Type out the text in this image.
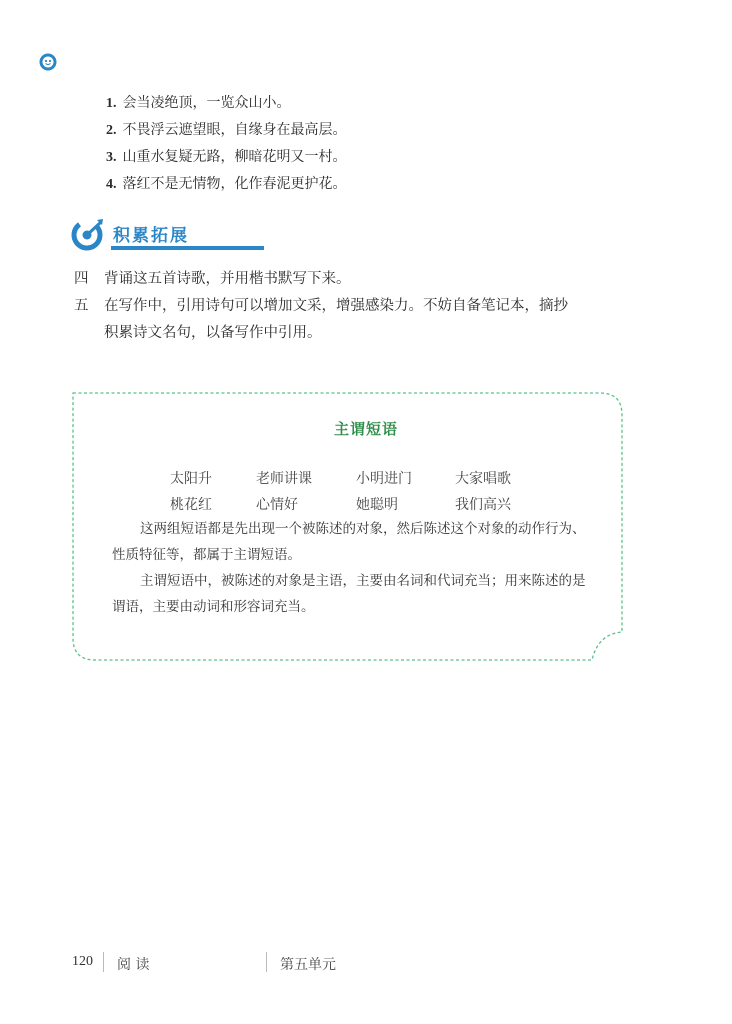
1. 会当凌绝顶，一览众山小。
2. 不畏浮云遮望眼，自缘身在最高层。
3. 山重水复疑无路，柳暗花明又一村。
4. 落红不是无情物，化作春泥更护花。
积累拓展
四 背诵这五首诗歌，并用楷书默写下来。
五 在写作中，引用诗句可以增加文采，增强感染力。不妨自备笔记本，摘抄
积累诗文名句，以备写作中引用。
主谓短语
太阳升	老师讲课	小明进门	大家唱歌
桃花红	心情好	她聪明	我们高兴
这两组短语都是先出现一个被陈述的对象，然后陈述这个对象的动作行为、
性质特征等，都属于主谓短语。
主谓短语中，被陈述的对象是主语，主要由名词和代词充当；用来陈述的是
谓语，主要由动词和形容词充当。
120 阅 读	第五单元
